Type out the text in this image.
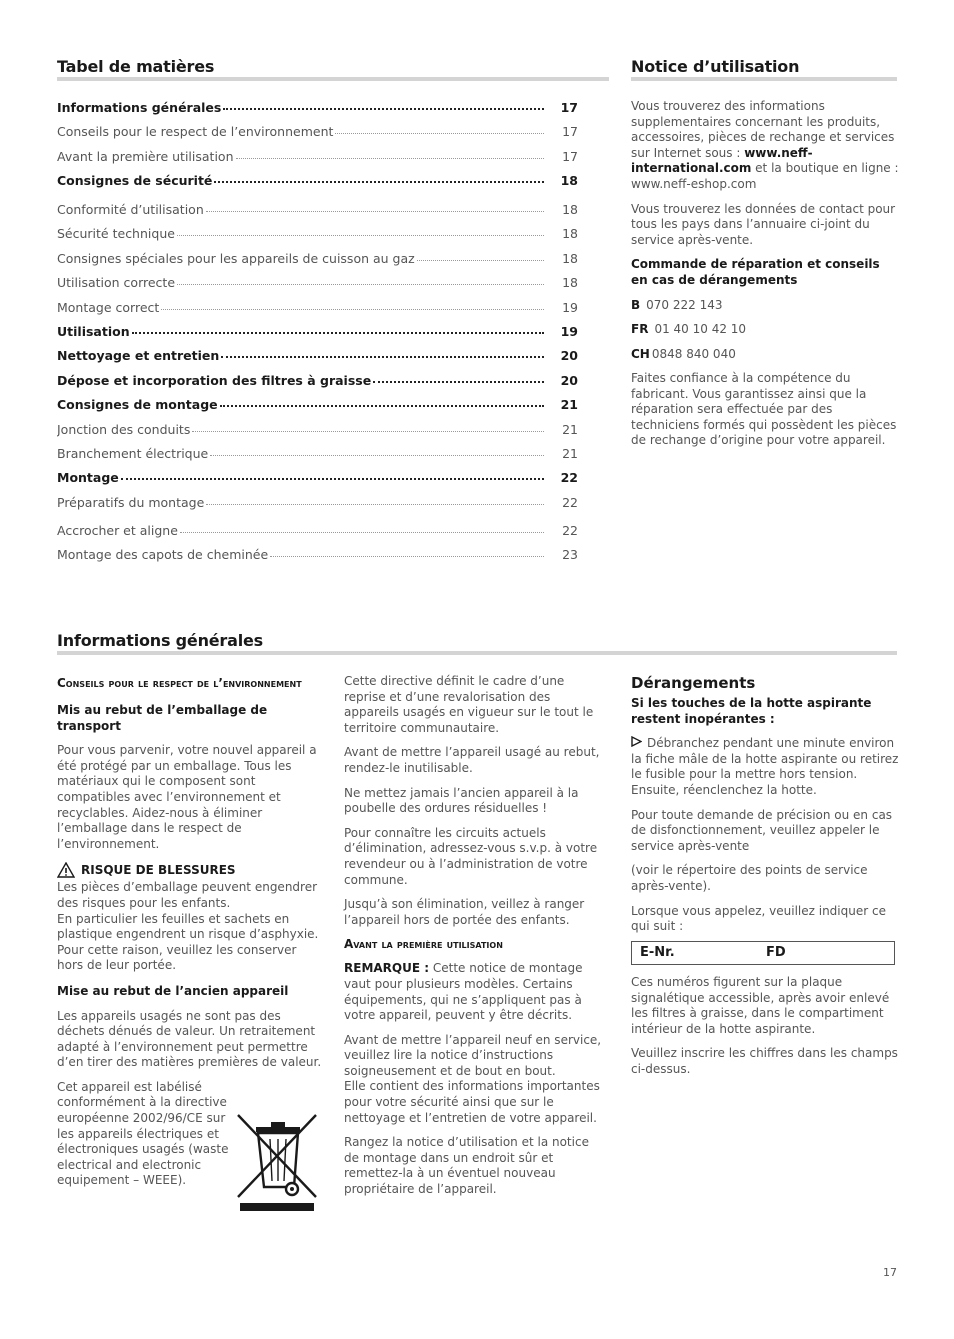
Tabel de matières
Informations générales	17
Conseils pour le respect de l’environnement	17
Avant la première utilisation	17
Consignes de sécurité	18
Conformité d’utilisation	18
Sécurité technique	18
Consignes spéciales pour les appareils de cuisson au gaz	18
Utilisation correcte	18
Montage correct	19
Utilisation	19
Nettoyage et entretien	20
Dépose et incorporation des filtres à graisse	20
Consignes de montage	21
Jonction des conduits	21
Branchement électrique	21
Montage	22
Préparatifs du montage	22
Accrocher et aligne	22
Montage des capots de cheminée	23
Notice d’utilisation

Vous trouverez des informations supplementaires concernant les produits, accessoires, pièces de rechange et services sur Internet sous : www.neff-international.com et la boutique en ligne : www.neff-eshop.com

Vous trouverez les données de contact pour tous les pays dans l’annuaire ci-joint du service après-vente.

Commande de réparation et conseils en cas de dérangements

B 070 222 143
FR 01 40 10 42 10
CH 0848 840 040
Faites confiance à la compétence du fabricant. Vous garantissez ainsi que la réparation sera effectuée par des techniciens formés qui possèdent les pièces de rechange d’origine pour votre appareil.
Informations générales
Conseils pour le respect de l’environnement
Mis au rebut de l’emballage de transport
Pour vous parvenir, votre nouvel appareil a été protégé par un emballage. Tous les matériaux qui le composent sont compatibles avec l’environnement et recyclables. Aidez-nous à éliminer l’emballage dans le respect de l’environnement.
RISQUE DE BLESSURES
Les pièces d’emballage peuvent engendrer des risques pour les enfants.
En particulier les feuilles et sachets en plastique engendrent un risque d’asphyxie. Pour cette raison, veuillez les conserver hors de leur portée.
Mise au rebut de l’ancien appareil
Les appareils usagés ne sont pas des déchets dénués de valeur. Un retraitement adapté à l’environnement peut permettre d’en tirer des matières premières de valeur.
Cet appareil est labélisé conformément à la directive européenne 2002/96/CE sur les appareils électriques et électroniques usagés (waste electrical and electronic equipement – WEEE).

Cette directive définit le cadre d’une reprise et d’une revalorisation des appareils usagés en vigueur sur le tout le territoire communautaire.

Avant de mettre l’appareil usagé au rebut, rendez-le inutilisable.

Ne mettez jamais l’ancien appareil à la poubelle des ordures résiduelles !

Pour connaître les circuits actuels d’élimination, adressez-vous s.v.p. à votre revendeur ou à l’administration de votre commune.

Jusqu’à son élimination, veillez à ranger l’appareil hors de portée des enfants.

Avant la première utilisation

REMARQUE : Cette notice de montage vaut pour plusieurs modèles. Certains équipements, qui ne s’appliquent pas à votre appareil, peuvent y être décrits.

Avant de mettre l’appareil neuf en service, veuillez lire la notice d’instructions soigneusement et de bout en bout.

Elle contient des informations importantes pour votre sécurité ainsi que sur le nettoyage et l’entretien de votre appareil.

Rangez la notice d’utilisation et la notice de montage dans un endroit sûr et remettez-la à un éventuel nouveau propriétaire de l’appareil.

Dérangements
Si les touches de la hotte aspirante restent inopérantes :
Débranchez pendant une minute environ la fiche mâle de la hotte aspirante ou retirez le fusible pour la mettre hors tension. Ensuite, réenclenchez la hotte.
Pour toute demande de précision ou en cas de disfonctionnement, veuillez appeler le service après-vente
(voir le répertoire des points de service après-vente).
Lorsque vous appelez, veuillez indiquer ce qui suit :
E-Nr.	FD
Ces numéros figurent sur la plaque signalétique accessible, après avoir enlevé les filtres à graisse, dans le compartiment intérieur de la hotte aspirante.
Veuillez inscrire les chiffres dans les champs ci-dessus.
17
